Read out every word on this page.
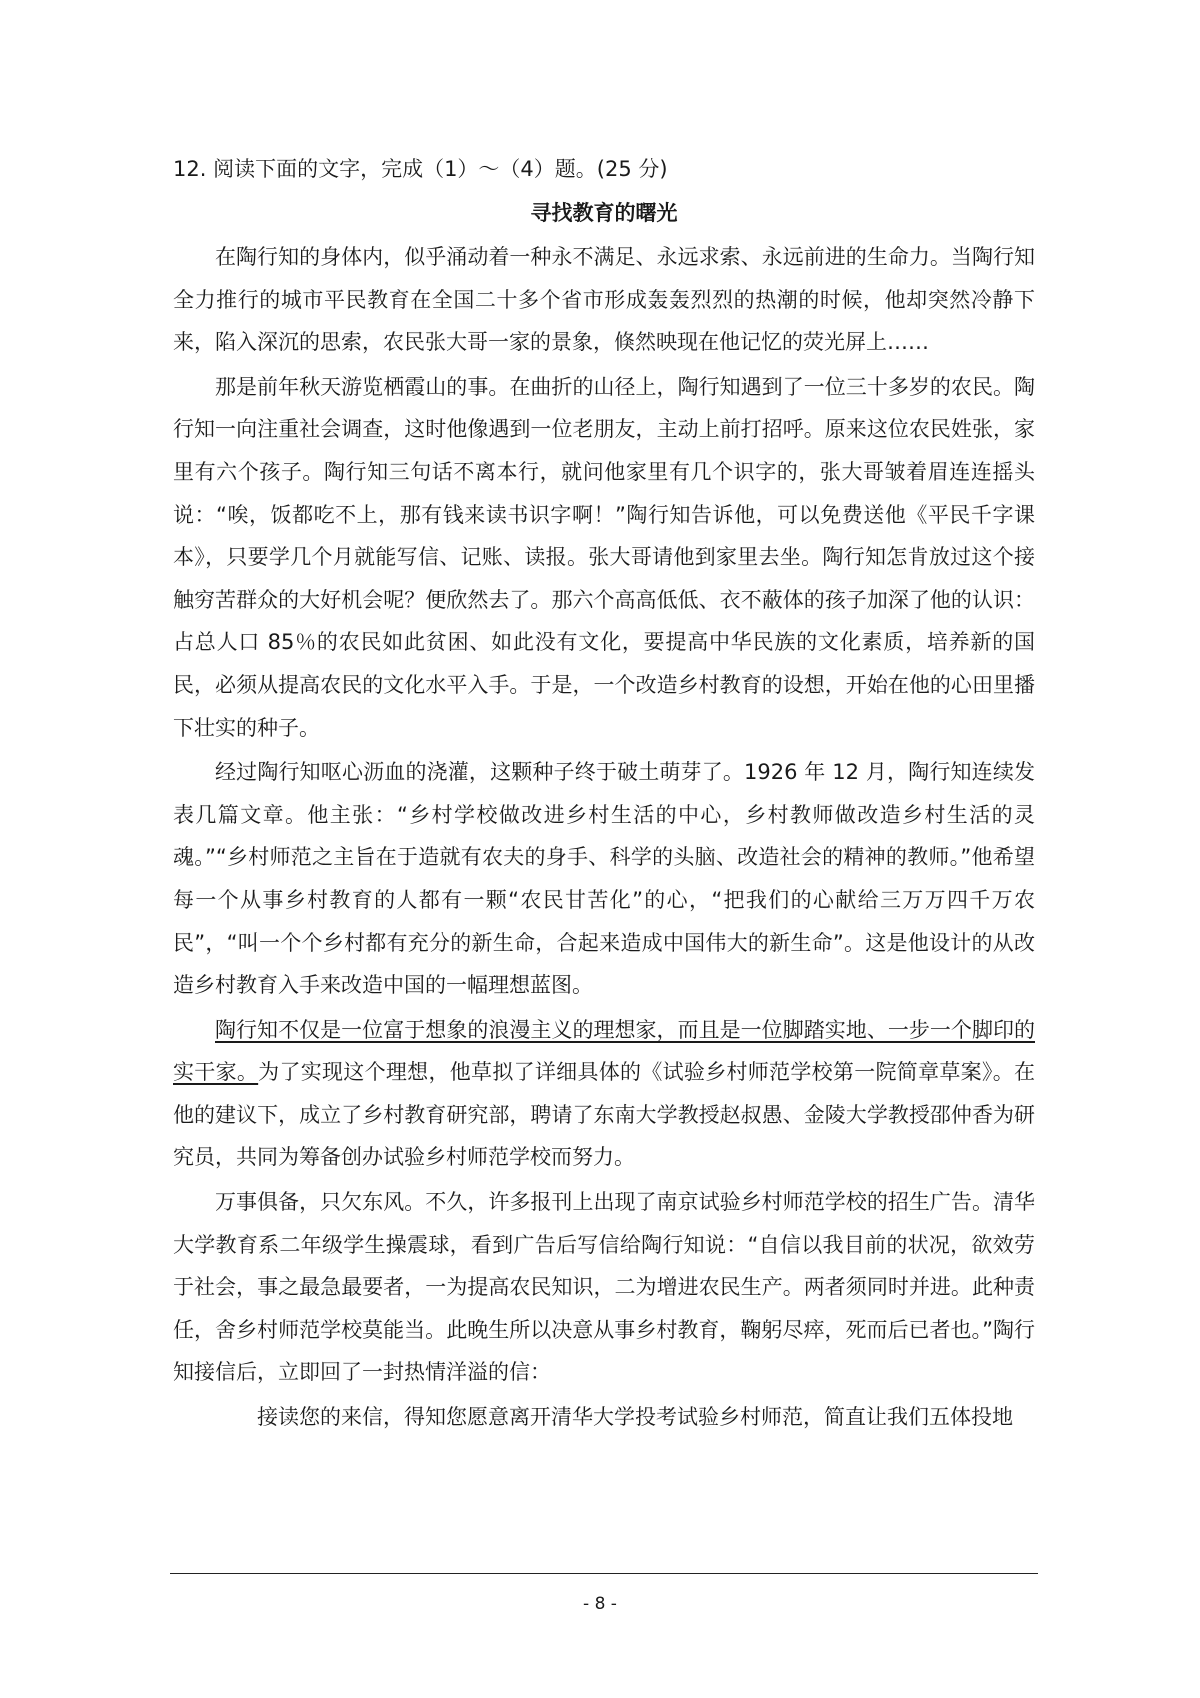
12. 阅读下面的文字，完成（1）～（4）题。(25 分)

寻找教育的曙光

在陶行知的身体内，似乎涌动着一种永不满足、永远求索、永远前进的生命力。当陶行知全力推行的城市平民教育在全国二十多个省市形成轰轰烈烈的热潮的时候，他却突然冷静下来，陷入深沉的思索，农民张大哥一家的景象，倏然映现在他记忆的荧光屏上……

那是前年秋天游览栖霞山的事。在曲折的山径上，陶行知遇到了一位三十多岁的农民。陶行知一向注重社会调查，这时他像遇到一位老朋友，主动上前打招呼。原来这位农民姓张，家里有六个孩子。陶行知三句话不离本行，就问他家里有几个识字的，张大哥皱着眉连连摇头说：“唉，饭都吃不上，那有钱来读书识字啊！”陶行知告诉他，可以免费送他《平民千字课本》，只要学几个月就能写信、记账、读报。张大哥请他到家里去坐。陶行知怎肯放过这个接触穷苦群众的大好机会呢？便欣然去了。那六个高高低低、衣不蔽体的孩子加深了他的认识：占总人口 85％的农民如此贫困、如此没有文化，要提高中华民族的文化素质，培养新的国民，必须从提高农民的文化水平入手。于是，一个改造乡村教育的设想，开始在他的心田里播下壮实的种子。

经过陶行知呕心沥血的浇灌，这颗种子终于破土萌芽了。1926 年 12 月，陶行知连续发表几篇文章。他主张：“乡村学校做改进乡村生活的中心，乡村教师做改造乡村生活的灵魂。”“乡村师范之主旨在于造就有农夫的身手、科学的头脑、改造社会的精神的教师。”他希望每一个从事乡村教育的人都有一颗“农民甘苦化”的心，“把我们的心献给三万万四千万农民”，“叫一个个乡村都有充分的新生命，合起来造成中国伟大的新生命”。这是他设计的从改造乡村教育入手来改造中国的一幅理想蓝图。

陶行知不仅是一位富于想象的浪漫主义的理想家，而且是一位脚踏实地、一步一个脚印的实干家。为了实现这个理想，他草拟了详细具体的《试验乡村师范学校第一院简章草案》。在他的建议下，成立了乡村教育研究部，聘请了东南大学教授赵叔愚、金陵大学教授邵仲香为研究员，共同为筹备创办试验乡村师范学校而努力。

万事俱备，只欠东风。不久，许多报刊上出现了南京试验乡村师范学校的招生广告。清华大学教育系二年级学生操震球，看到广告后写信给陶行知说：“自信以我目前的状况，欲效劳于社会，事之最急最要者，一为提高农民知识，二为增进农民生产。两者须同时并进。此种责任，舍乡村师范学校莫能当。此晚生所以决意从事乡村教育，鞠躬尽瘁，死而后已者也。”陶行知接信后，立即回了一封热情洋溢的信：

接读您的来信，得知您愿意离开清华大学投考试验乡村师范，简直让我们五体投地

- 8 -
